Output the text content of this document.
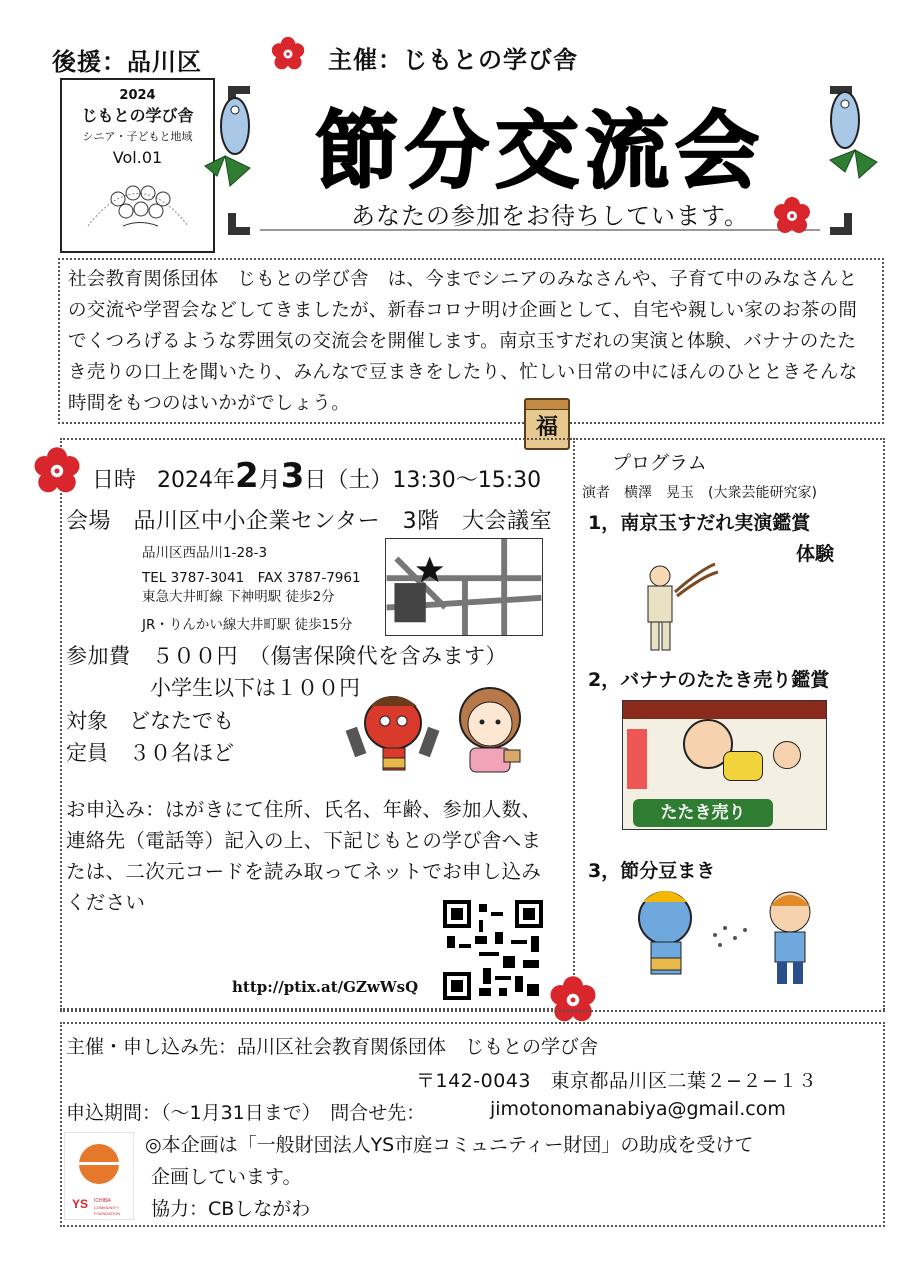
後援：品川区
2024
じもとの学び舎
シニア・子どもと地域
Vol.01
主催：じもとの学び舎
節分交流会
あなたの参加をお待ちしています。
社会教育関係団体　じもとの学び舎　は、今までシニアのみなさんや、子育て中のみなさんとの交流や学習会などしてきましたが、新春コロナ明け企画として、自宅や親しい家のお茶の間でくつろげるような雰囲気の交流会を開催します。南京玉すだれの実演と体験、バナナのたたき売りの口上を聞いたり、みんなで豆まきをしたり、忙しい日常の中にほんのひとときそんな時間をもつのはいかがでしょう。
福
日時 2024年2月3日（土）13:30〜15:30
会場　品川区中小企業センター　3階　大会議室
品川区西品川1-28-3
TEL 3787-3041　FAX 3787-7961
東急大井町線 下神明駅 徒歩2分
JR・りんかい線大井町駅 徒歩15分
参加費　５００円　（傷害保険代を含みます）
小学生以下は１００円
対象　どなたでも
定員　３０名ほど
お申込み：はがきにて住所、氏名、年齢、参加人数、連絡先（電話等）記入の上、下記じもとの学び舎へまたは、二次元コードを読み取ってネットでお申し込みください
http://ptix.at/GZwWsQ
プログラム
演者　横澤　晃玉　(大衆芸能研究家)
1，南京玉すだれ実演鑑賞
体験
2，バナナのたたき売り鑑賞
たたき売り
3，節分豆まき
主催・申し込み先：品川区社会教育関係団体　じもとの学び舎
〒142-0043　東京都品川区二葉２−２−１３
申込期間：（〜1月31日まで）　問合せ先：	jimotonomanabiya@gmail.com
YS ICHIBA
COMMUNITY
FOUNDATION
◎本企画は「一般財団法人YS市庭コミュニティー財団」の助成を受けて
企画しています。
協力：CBしながわ
